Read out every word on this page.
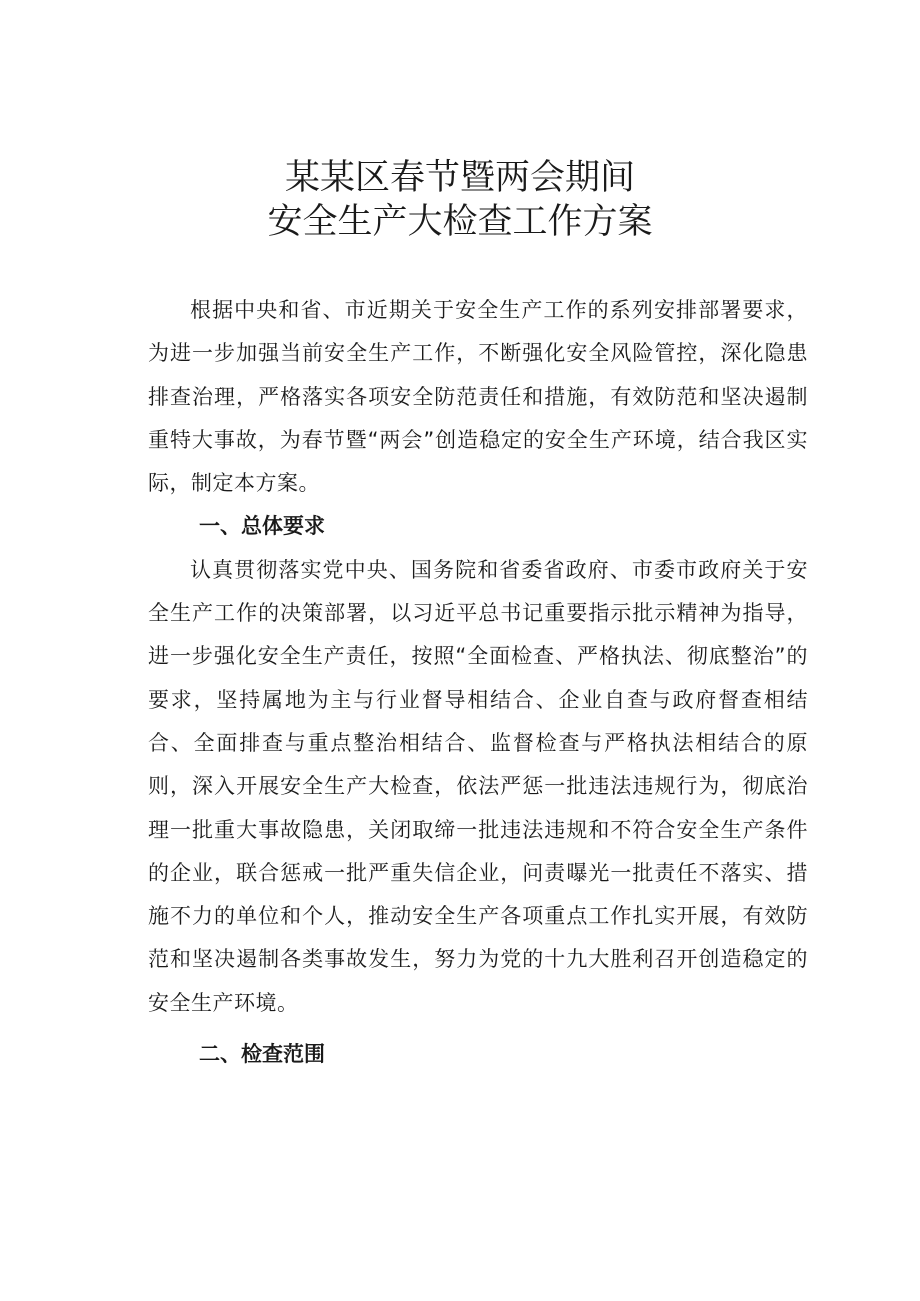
某某区春节暨两会期间
安全生产大检查工作方案

根据中央和省、市近期关于安全生产工作的系列安排部署要求，为进一步加强当前安全生产工作，不断强化安全风险管控，深化隐患排查治理，严格落实各项安全防范责任和措施，有效防范和坚决遏制重特大事故，为春节暨“两会”创造稳定的安全生产环境，结合我区实际，制定本方案。

一、总体要求

认真贯彻落实党中央、国务院和省委省政府、市委市政府关于安全生产工作的决策部署，以习近平总书记重要指示批示精神为指导，进一步强化安全生产责任，按照“全面检查、严格执法、彻底整治”的要求，坚持属地为主与行业督导相结合、企业自查与政府督查相结合、全面排查与重点整治相结合、监督检查与严格执法相结合的原则，深入开展安全生产大检查，依法严惩一批违法违规行为，彻底治理一批重大事故隐患，关闭取缔一批违法违规和不符合安全生产条件的企业，联合惩戒一批严重失信企业，问责曝光一批责任不落实、措施不力的单位和个人，推动安全生产各项重点工作扎实开展，有效防范和坚决遏制各类事故发生，努力为党的十九大胜利召开创造稳定的安全生产环境。

二、检查范围
